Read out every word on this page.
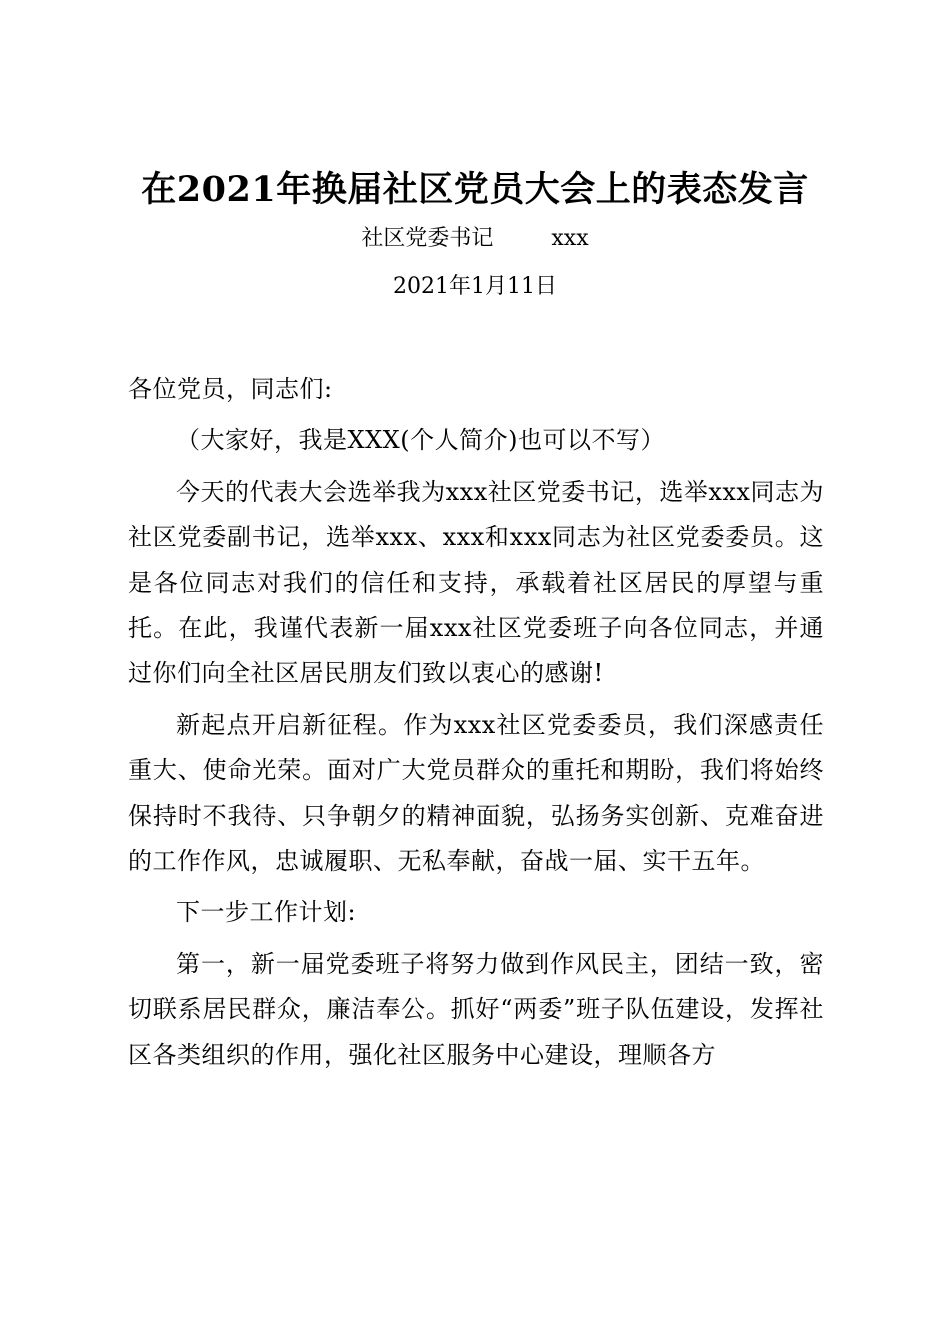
在2021年换届社区党员大会上的表态发言
社区党委书记	xxx
2021年1月11日

各位党员，同志们:

（大家好，我是XXX(个人简介)也可以不写）

今天的代表大会选举我为xxx社区党委书记，选举xxx同志为社区党委副书记，选举xxx、xxx和xxx同志为社区党委委员。这是各位同志对我们的信任和支持，承载着社区居民的厚望与重托。在此，我谨代表新一届xxx社区党委班子向各位同志，并通过你们向全社区居民朋友们致以衷心的感谢!

新起点开启新征程。作为xxx社区党委委员，我们深感责任重大、使命光荣。面对广大党员群众的重托和期盼，我们将始终保持时不我待、只争朝夕的精神面貌，弘扬务实创新、克难奋进的工作作风，忠诚履职、无私奉献，奋战一届、实干五年。

下一步工作计划:

第一，新一届党委班子将努力做到作风民主，团结一致，密切联系居民群众，廉洁奉公。抓好“两委”班子队伍建设，发挥社区各类组织的作用，强化社区服务中心建设，理顺各方
